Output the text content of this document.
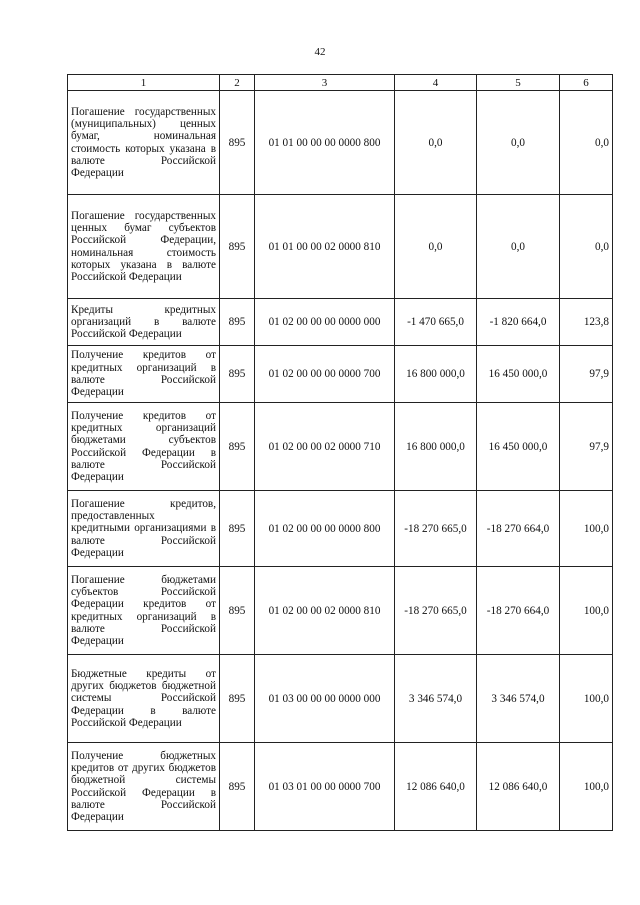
42
1	2	3	4	5	6
Погашение государственных (муниципальных) ценных бумаг, номинальная стоимость которых указана в валюте Российской Федерации	895	01 01 00 00 00 0000 800	0,0	0,0	0,0
Погашение государственных ценных бумаг субъектов Российской Федерации, номинальная стоимость которых указана в валюте Российской Федерации	895	01 01 00 00 02 0000 810	0,0	0,0	0,0
Кредиты кредитных организаций в валюте Российской Федерации	895	01 02 00 00 00 0000 000	-1 470 665,0	-1 820 664,0	123,8
Получение кредитов от кредитных организаций в валюте Российской Федерации	895	01 02 00 00 00 0000 700	16 800 000,0	16 450 000,0	97,9
Получение кредитов от кредитных организаций бюджетами субъектов Российской Федерации в валюте Российской Федерации	895	01 02 00 00 02 0000 710	16 800 000,0	16 450 000,0	97,9
Погашение кредитов, предоставленных кредитными организациями в валюте Российской Федерации	895	01 02 00 00 00 0000 800	-18 270 665,0	-18 270 664,0	100,0
Погашение бюджетами субъектов Российской Федерации кредитов от кредитных организаций в валюте Российской Федерации	895	01 02 00 00 02 0000 810	-18 270 665,0	-18 270 664,0	100,0
Бюджетные кредиты от других бюджетов бюджетной системы Российской Федерации в валюте Российской Федерации	895	01 03 00 00 00 0000 000	3 346 574,0	3 346 574,0	100,0
Получение бюджетных кредитов от других бюджетов бюджетной системы Российской Федерации в валюте Российской Федерации	895	01 03 01 00 00 0000 700	12 086 640,0	12 086 640,0	100,0
